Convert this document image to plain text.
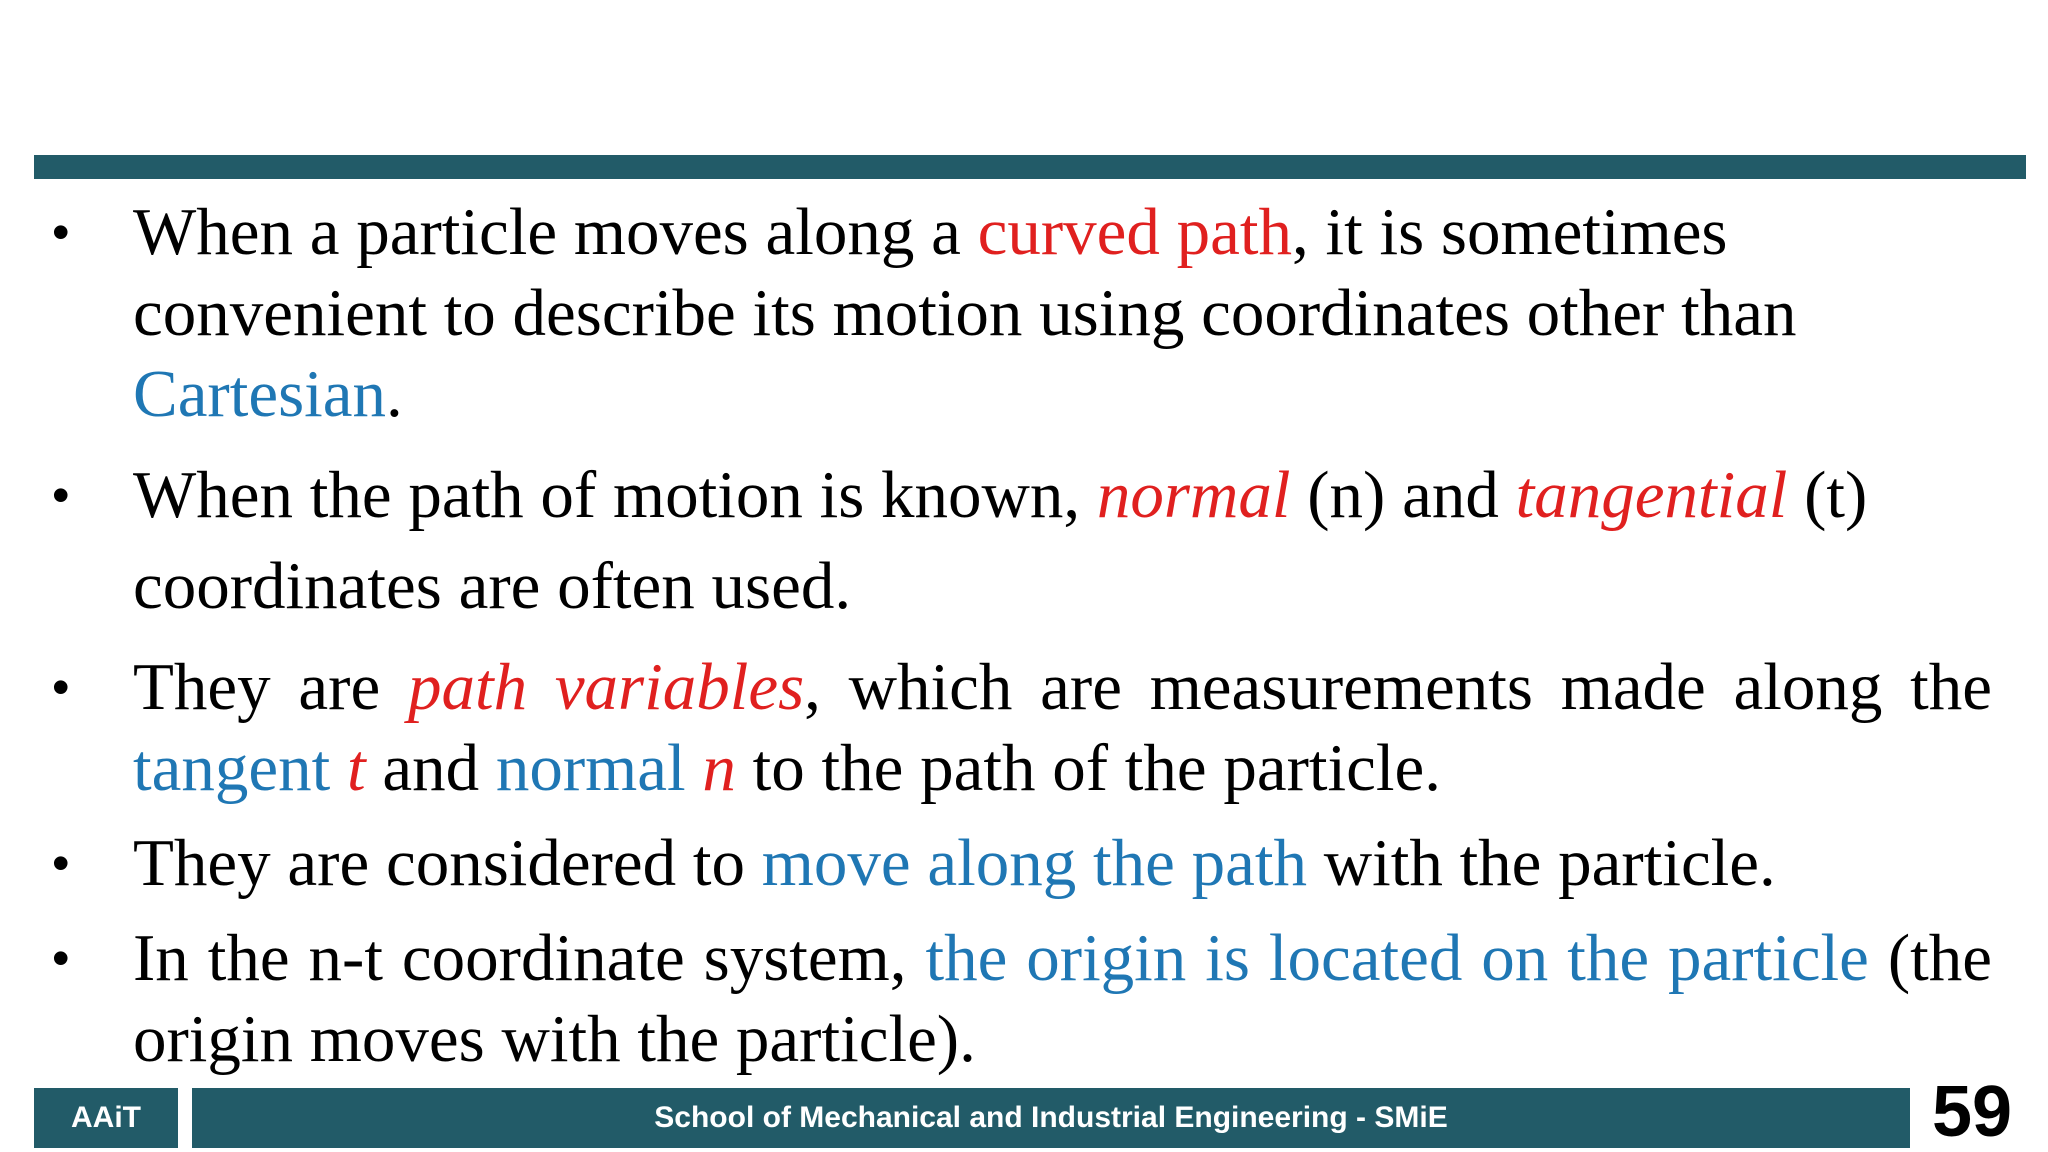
• When a particle moves along a curved path, it is sometimes convenient to describe its motion using coordinates other than Cartesian.

• When the path of motion is known, normal (n) and tangential (t)
coordinates are often used.

• They are path variables, which are measurements made along the tangent t and normal n to the path of the particle.

• They are considered to move along the path with the particle.

• In the n-t coordinate system, the origin is located on the particle (the origin moves with the particle).

AAiT	School of Mechanical and Industrial Engineering - SMiE	59
